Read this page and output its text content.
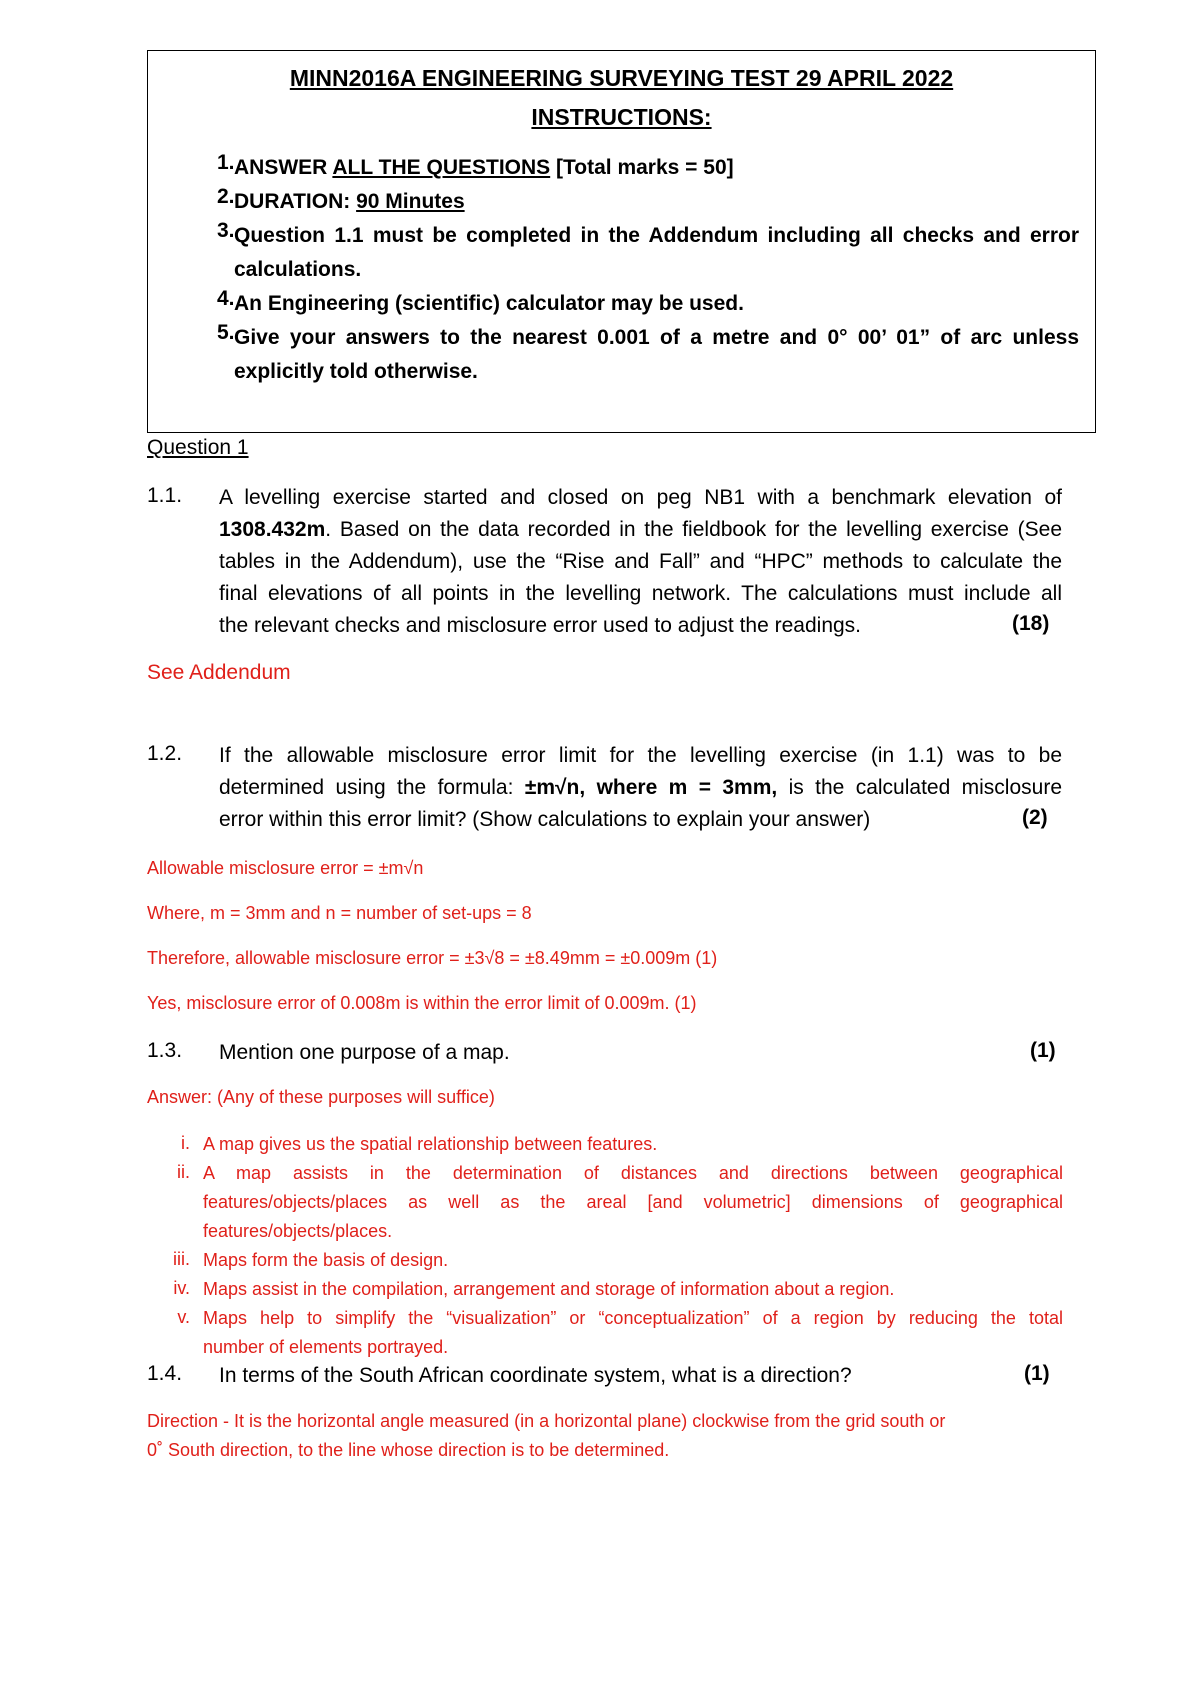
MINN2016A ENGINEERING SURVEYING TEST 29 APRIL 2022
INSTRUCTIONS:
1. ANSWER ALL THE QUESTIONS [Total marks = 50]
2. DURATION: 90 Minutes
3. Question 1.1 must be completed in the Addendum including all checks and error
calculations.
4. An Engineering (scientific) calculator may be used.
5. Give your answers to the nearest 0.001 of a metre and 0° 00’ 01” of arc unless
explicitly told otherwise.
Question 1
1.1. A levelling exercise started and closed on peg NB1 with a benchmark elevation of
1308.432m. Based on the data recorded in the fieldbook for the levelling exercise (See
tables in the Addendum), use the “Rise and Fall” and “HPC” methods to calculate the
final elevations of all points in the levelling network. The calculations must include all
the relevant checks and misclosure error used to adjust the readings.	(18)
See Addendum
1.2. If the allowable misclosure error limit for the levelling exercise (in 1.1) was to be
determined using the formula: ±m√n, where m = 3mm, is the calculated misclosure
error within this error limit? (Show calculations to explain your answer)	(2)
Allowable misclosure error = ±m√n
Where, m = 3mm and n = number of set-ups = 8
Therefore, allowable misclosure error = ±3√8 = ±8.49mm = ±0.009m (1)
Yes, misclosure error of 0.008m is within the error limit of 0.009m. (1)
1.3. Mention one purpose of a map.	(1)
Answer: (Any of these purposes will suffice)
i. A map gives us the spatial relationship between features.
ii. A map assists in the determination of distances and directions between geographical
features/objects/places as well as the areal [and volumetric] dimensions of geographical
features/objects/places.
iii. Maps form the basis of design.
iv. Maps assist in the compilation, arrangement and storage of information about a region.
v. Maps help to simplify the “visualization” or “conceptualization” of a region by reducing the total
number of elements portrayed.
1.4. In terms of the South African coordinate system, what is a direction?	(1)
Direction - It is the horizontal angle measured (in a horizontal plane) clockwise from the grid south or
0˚ South direction, to the line whose direction is to be determined.
